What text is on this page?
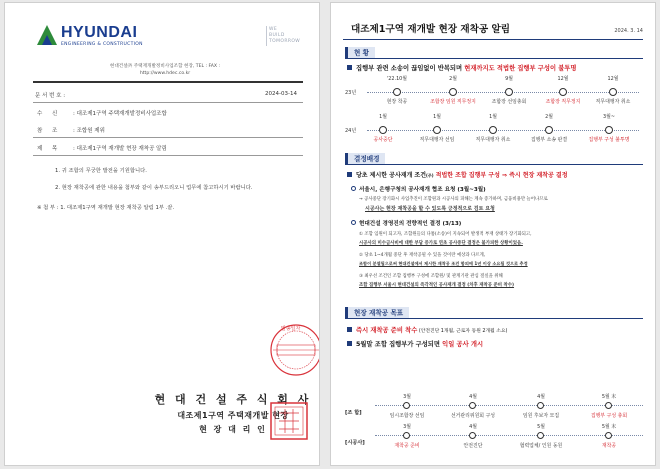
HYUNDAI
ENGINEERING & CONSTRUCTION
WE
BUILD
TOMORROW
현대건설㈜ 주택재개발정비사업조합 현장, TEL : FAX :
http://www.hdec.co.kr
문 서 번 호 :	2024-03-14
수 신 : 대조제1구역 주택재개발정비사업조합
참 조 : 조합원 제위
제 목 : 대조제1구역 재개발 현장 재착공 알림
1. 귀 조합의 무궁한 발전을 기원합니다.
2. 현장 재착공에 관한 내용을 첨부와 같이 송부드리오니 업무에 참고하시기 바랍니다.
※ 첨 부 : 1. 대조제1구역 재개발 현장 재착공 알림 1부 .끝.
발송일자
현 대 건 설 주 식 회 사
대조제1구역 주택재개발 현장
현 장 대 리 인
대조제1구역 재개발 현장 재착공 알림	2024. 3. 14
현 황
집행부 관련 소송이 끊임없이 반복되며 현재까지도 적법한 집행부 구성이 불투명
23년
'22.10월
현장 착공
2월
조합장 임원 직무정지
9월
조합장 선임총회
12월
조합장 직무정지
12월
직무대행자 취소
24년
1월
공사중단
1월
직무대행자 선임
1월
직무대행자 취소
2월
집행부 소송 판결
3월~
집행부 구성 불투명
결정배경
당초 제시한 공사재개 조건(주) 적법한 조합 집행부 구성 ⇒ 즉시 현장 재착공 결정
서울시, 은행구청의 공사재개 협조 요청 (3월~3월)
→ 공사중단 장기화시 사업추진이 조합원과 시공사의 피해는 계속 증가하며, 금융비용만 늘어나므로
시공사는 현장 재착공을 할 수 있도록 긍정적으로 검토 요청
현대건설 경영진의 전향적인 결정 (3/13)
① 조합 임원이 되고자, 조합원들의 다툼(소송)이 지속되어 발생적 부재 상태가 장기화되고,
시공사의 미수금사비에 대한 부담 증가로 연초 공사중단 결정은 불가피한 상황이었음.
② 당초 1~4개월 중단 후 재착공될 수 있을 것이란 예상과 다르게,
조합이 분열될으로써 현대건설에서 제시한 재착공 조건 합의에 1년 이상 소요될 것으로 추정
③ 최우선 조건인 조합 집행부 구성에 조합원/ 및 관계기관 관심 절실을 위해
조합 집행부 서울시 현대건설의 즉각적인 공사재개 결정 (차후 재착공 준비 착수)
현장 재착공 목표
즉시 재착공 준비 착수 (안전진단 1개월, 근로자 동원 2개월 소요)
5월말 조합 집행부가 구성되면 익일 공사 개시
[조 합]
3월
임시조합장 선임
4월
선거관리위원회 구성
4월
임원 후보자 모집
5월 末
집행부 구성 총회
[시공사]
3월
재착공 준비
4월
안전진단
5월
협력업체/ 인원 동원
5월 末
재착공
